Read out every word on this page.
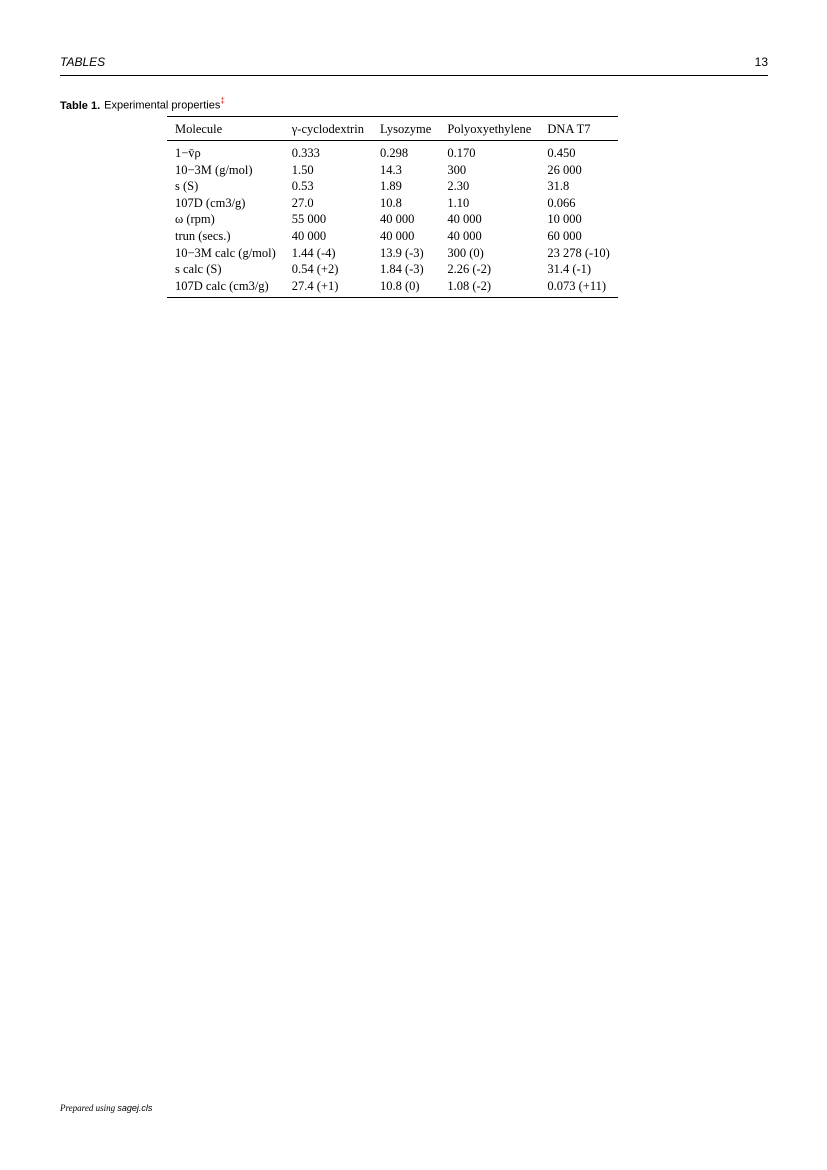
TABLES	13
Table 1. Experimental properties‡
Molecule	γ-cyclodextrin	Lysozyme	Polyoxyethylene	DNA T7
1−v̄ρ	0.333	0.298	0.170	0.450
10−3M (g/mol)	1.50	14.3	300	26 000
s (S)	0.53	1.89	2.30	31.8
107D (cm3/g)	27.0	10.8	1.10	0.066
ω (rpm)	55 000	40 000	40 000	10 000
trun (secs.)	40 000	40 000	40 000	60 000
10−3M calc (g/mol)	1.44 (-4)	13.9 (-3)	300 (0)	23 278 (-10)
s calc (S)	0.54 (+2)	1.84 (-3)	2.26 (-2)	31.4 (-1)
107D calc (cm3/g)	27.4 (+1)	10.8 (0)	1.08 (-2)	0.073 (+11)
Prepared using sagej.cls
